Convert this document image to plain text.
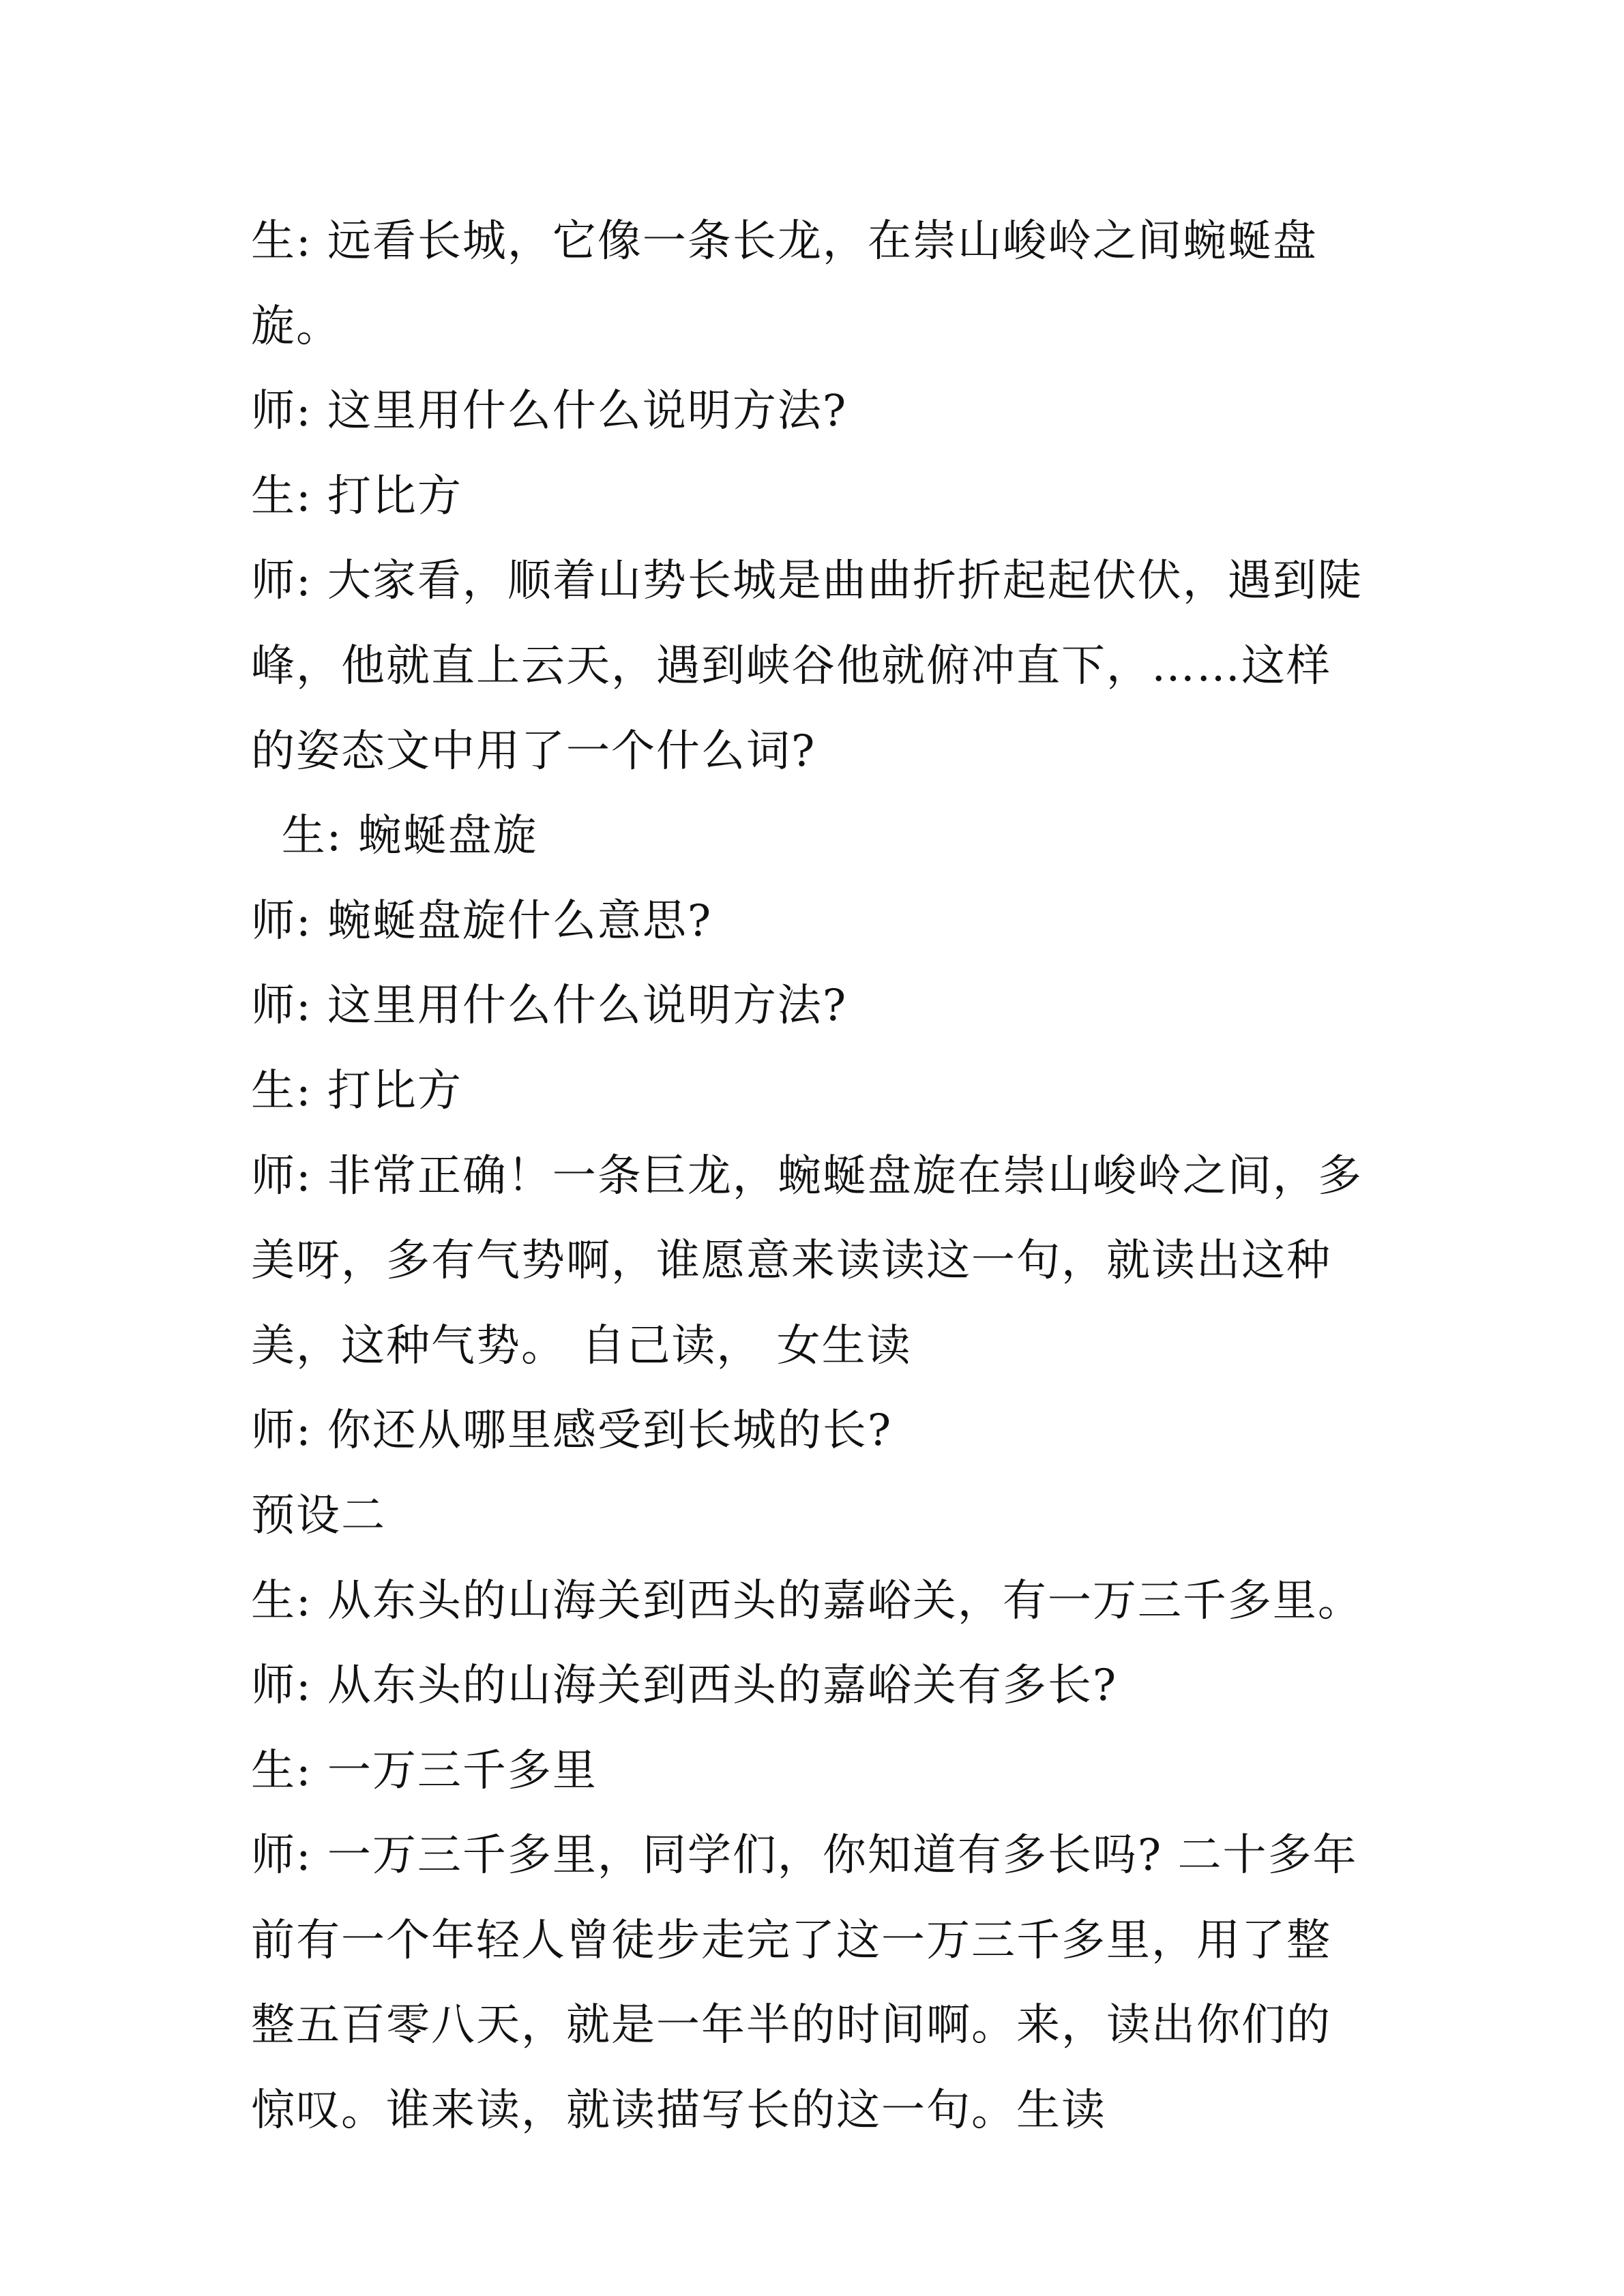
生: 远看长城，它像一条长龙，在崇山峻岭之间蜿蜒盘旋。

师: 这里用什么什么说明方法?

生: 打比方

师: 大家看，顺着山势长城是曲曲折折起起伏伏，遇到陡峰，他就直上云天，遇到峡谷他就俯冲直下，……这样的姿态文中用了一个什么词?

生: 蜿蜒盘旋

师: 蜿蜒盘旋什么意思?

师: 这里用什么什么说明方法?

生: 打比方

师: 非常正确！一条巨龙，蜿蜒盘旋在崇山峻岭之间，多美呀，多有气势啊，谁愿意来读读这一句，就读出这种美，这种气势。 自己读， 女生读

师: 你还从哪里感受到长城的长?

预设二

生: 从东头的山海关到西头的嘉峪关，有一万三千多里。

师: 从东头的山海关到西头的嘉峪关有多长?

生: 一万三千多里

师: 一万三千多里，同学们，你知道有多长吗? 二十多年前有一个年轻人曾徒步走完了这一万三千多里，用了整整五百零八天，就是一年半的时间啊。来，读出你们的惊叹。谁来读，就读描写长的这一句。生读
